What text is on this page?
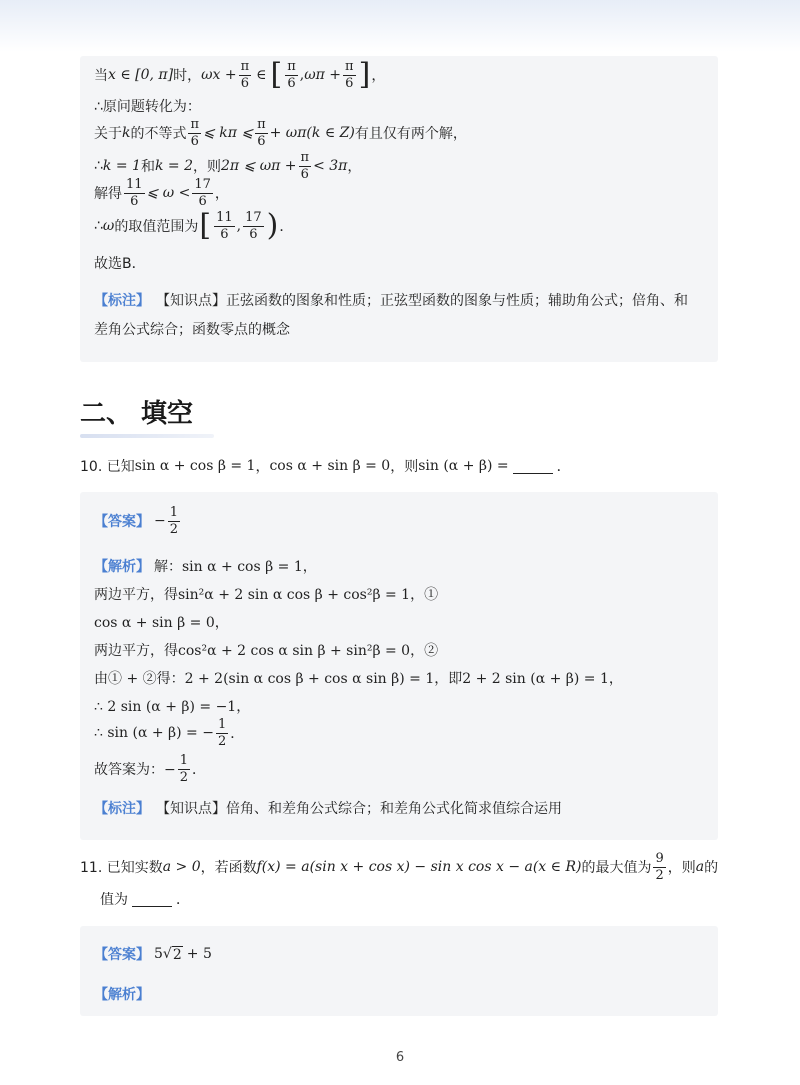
当 x ∈ [0, π] 时， $\omega x + \frac{\pi}{6}$ ∈ [ $\frac{\pi}{6}$ , $\omega\pi + \frac{\pi}{6}$ ] ，
∴原问题转化为：
关于 k 的不等式 $\frac{\pi}{6}$ ⩽ kπ ⩽ $\frac{\pi}{6} + \omega\pi(k$ ∈ Z) 有且仅有两个解，
∴ k = 1 和 k = 2 ，则 2π ⩽ $\omega\pi + \frac{\pi}{6} < 3\pi$ ，
解得 $\frac{11}{6}$ ⩽ $\omega < \frac{17}{6}$ ，
∴ ω 的取值范围为 [ $\frac{11}{6}$ , $\frac{17}{6}$ ) ．
故选B．
【标注】 【知识点】正弦函数的图象和性质；正弦型函数的图象与性质；辅助角公式；倍角、和
差角公式综合；函数零点的概念
二、 填空
10. 已知 sin α + cos β = 1 ， cos α + sin β = 0 ，则 sin (α + β) =	．
【答案】 − $\frac{1}{2}$
【解析】 解：sin α + cos β = 1，
两边平方，得sin²α + 2 sin α cos β + cos²β = 1，①
cos α + sin β = 0，
两边平方，得cos²α + 2 cos α sin β + sin²β = 0，②
由① + ②得：2 + 2(sin α cos β + cos α sin β) = 1，即2 + 2 sin (α + β) = 1，
∴ 2 sin (α + β) = −1，
∴ sin (α + β) = − $\frac{1}{2}$ ．
故答案为：− $\frac{1}{2}$ ．
【标注】 【知识点】倍角、和差角公式综合；和差角公式化简求值综合运用
11. 已知实数 a > 0 ，若函数 f(x) = a(sin x + cos x) − sin x cos x − a(x ∈ R) 的最大值为 $\frac{9}{2}$ ，则 a 的
值为	．
【答案】 5 √ 2 + 5
【解析】
6
